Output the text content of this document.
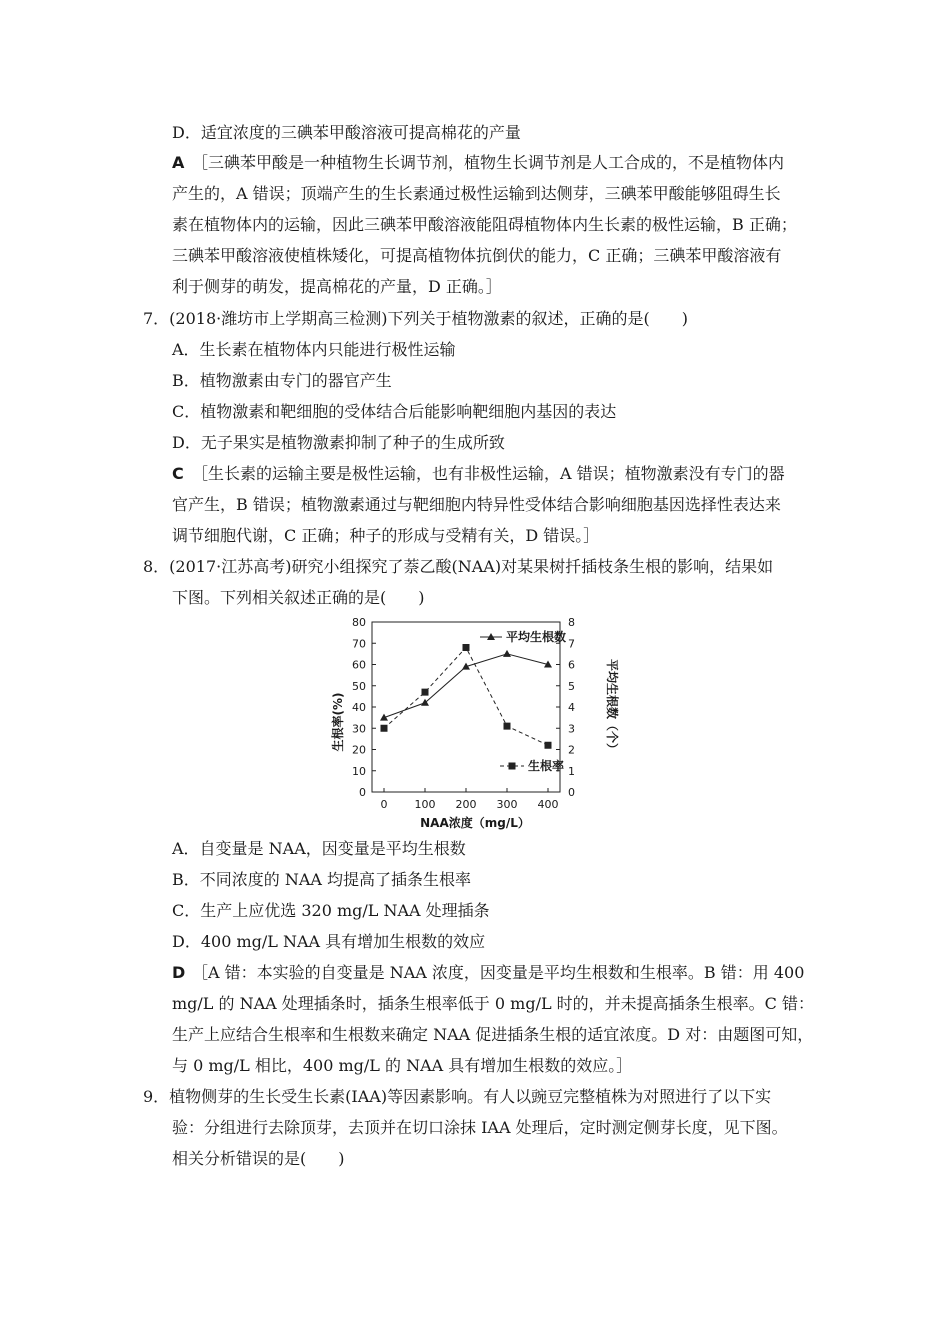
D．适宜浓度的三碘苯甲酸溶液可提高棉花的产量
A ［三碘苯甲酸是一种植物生长调节剂，植物生长调节剂是人工合成的，不是植物体内
产生的，A 错误；顶端产生的生长素通过极性运输到达侧芽，三碘苯甲酸能够阻碍生长
素在植物体内的运输，因此三碘苯甲酸溶液能阻碍植物体内生长素的极性运输，B 正确；
三碘苯甲酸溶液使植株矮化，可提高植物体抗倒伏的能力，C 正确；三碘苯甲酸溶液有
利于侧芽的萌发，提高棉花的产量，D 正确。］
7．(2018·潍坊市上学期高三检测)下列关于植物激素的叙述，正确的是(　　)
A．生长素在植物体内只能进行极性运输
B．植物激素由专门的器官产生
C．植物激素和靶细胞的受体结合后能影响靶细胞内基因的表达
D．无子果实是植物激素抑制了种子的生成所致
C ［生长素的运输主要是极性运输，也有非极性运输，A 错误；植物激素没有专门的器
官产生，B 错误；植物激素通过与靶细胞内特异性受体结合影响细胞基因选择性表达来
调节细胞代谢，C 正确；种子的形成与受精有关，D 错误。］
8．(2017·江苏高考)研究小组探究了萘乙酸(NAA)对某果树扦插枝条生根的影响，结果如
下图。下列相关叙述正确的是(　　)
0
10
20
30
40
50
60
70
80
0
1
2
3
4
5
6
7
8
0 100 200 300 400
平均生根数
生根率
NAA浓度（mg/L）
生根率(%)	平均生根数（个）
A．自变量是 NAA，因变量是平均生根数
B．不同浓度的 NAA 均提高了插条生根率
C．生产上应优选 320 mg/L NAA 处理插条
D．400 mg/L NAA 具有增加生根数的效应
D ［A 错：本实验的自变量是 NAA 浓度，因变量是平均生根数和生根率。B 错：用 400
mg/L 的 NAA 处理插条时，插条生根率低于 0 mg/L 时的，并未提高插条生根率。C 错：
生产上应结合生根率和生根数来确定 NAA 促进插条生根的适宜浓度。D 对：由题图可知，
与 0 mg/L 相比，400 mg/L 的 NAA 具有增加生根数的效应。］
9．植物侧芽的生长受生长素(IAA)等因素影响。有人以豌豆完整植株为对照进行了以下实
验：分组进行去除顶芽，去顶并在切口涂抹 IAA 处理后，定时测定侧芽长度，见下图。
相关分析错误的是(　　)
